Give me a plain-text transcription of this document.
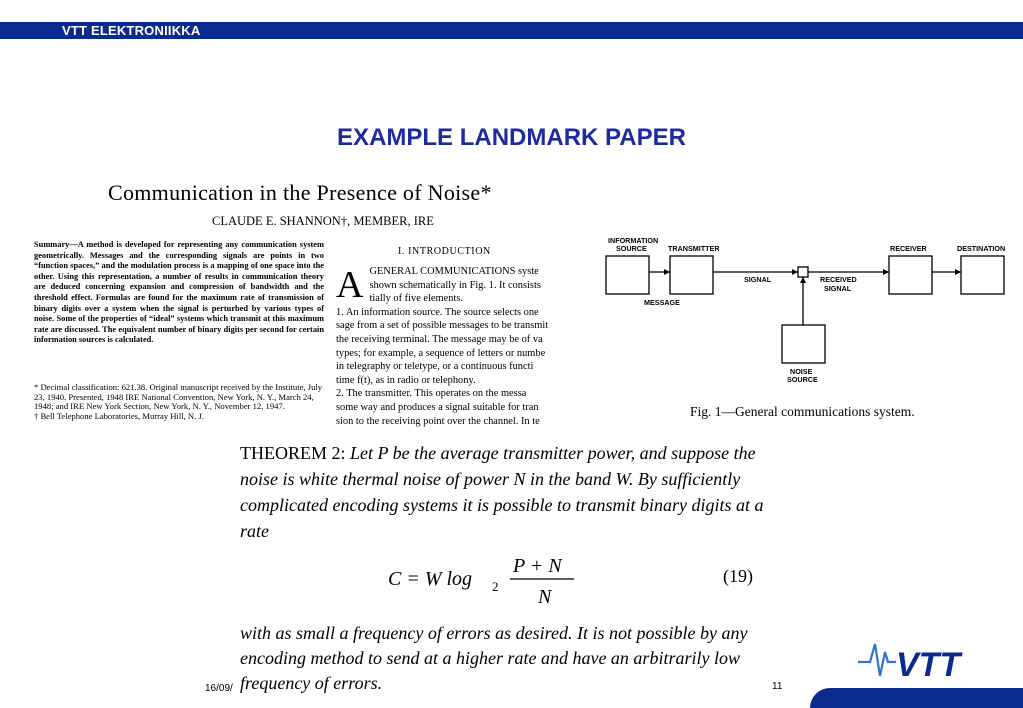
VTT ELEKTRONIIKKA
EXAMPLE LANDMARK PAPER
Communication in the Presence of Noise*
CLAUDE E. SHANNON†, MEMBER, IRE
Summary—A method is developed for representing any communication system geometrically. Messages and the corresponding signals are points in two “function spaces,” and the modulation process is a mapping of one space into the other. Using this representation, a number of results in communication theory are deduced concerning expansion and compression of bandwidth and the threshold effect. Formulas are found for the maximum rate of transmission of binary digits over a system when the signal is perturbed by various types of noise. Some of the properties of “ideal” systems which transmit at this maximum rate are discussed. The equivalent number of binary digits per second for certain information sources is calculated.
* Decimal classification: 621.38. Original manuscript received by the Institute, July 23, 1940. Presented, 1948 IRE National Convention, New York, N. Y., March 24, 1948; and IRE New York Section, New York, N. Y., November 12, 1947.
† Bell Telephone Laboratories, Murray Hill, N. J.
I. INTRODUCTION
A GENERAL COMMUNICATIONS syste
shown schematically in Fig. 1. It consists
tially of five elements.
1. An information source. The source selects one
sage from a set of possible messages to be transmit
the receiving terminal. The message may be of va
types; for example, a sequence of letters or numbe
in telegraphy or teletype, or a continuous functi
time f(t), as in radio or telephony.
2. The transmitter. This operates on the messa
some way and produces a signal suitable for tran
sion to the receiving point over the channel. In te
INFORMATION
SOURCE	TRANSMITTER	RECEIVER	DESTINATION
MESSAGE
SIGNAL	RECEIVED
SIGNAL
NOISE
SOURCE
Fig. 1—General communications system.
THEOREM 2: Let P be the average transmitter power, and suppose the noise is white thermal noise of power N in the band W. By sufficiently complicated encoding systems it is possible to transmit binary digits at a rate
C = W log 2
P + N
N
(19)
with as small a frequency of errors as desired. It is not possible by any encoding method to send at a higher rate and have an arbitrarily low frequency of errors.
16/09/	11
VTT
